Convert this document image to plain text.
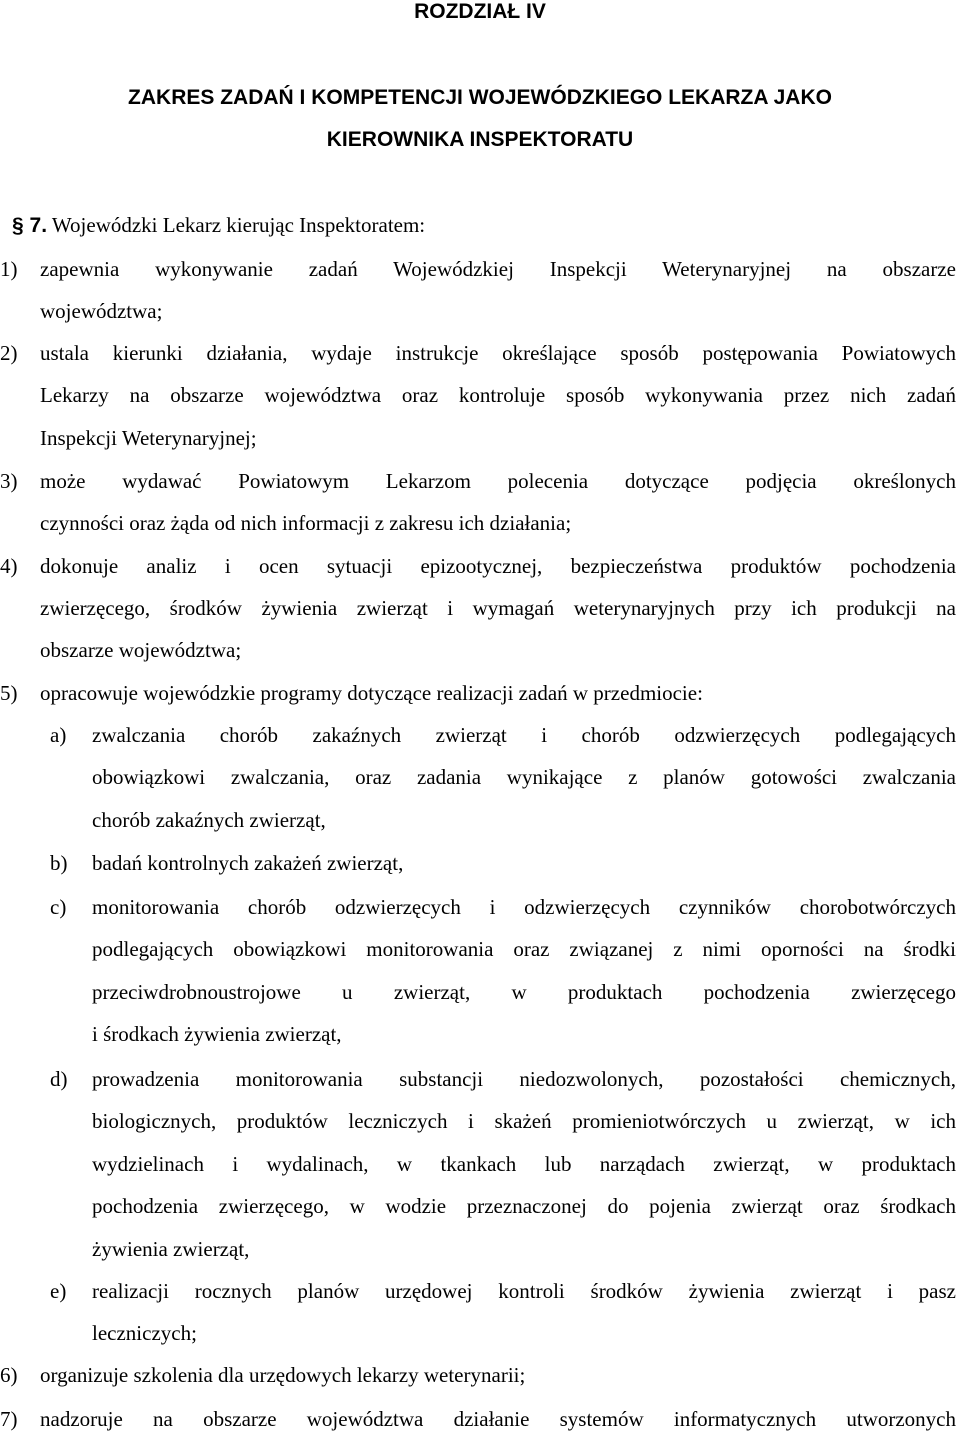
ROZDZIAŁ IV
ZAKRES ZADAŃ I KOMPETENCJI WOJEWÓDZKIEGO LEKARZA JAKO
KIEROWNIKA INSPEKTORATU
§ 7. Wojewódzki Lekarz kierując Inspektoratem:
1) zapewnia wykonywanie zadań Wojewódzkiej Inspekcji Weterynaryjnej na obszarze
województwa;
2) ustala kierunki działania, wydaje instrukcje określające sposób postępowania Powiatowych
Lekarzy na obszarze województwa oraz kontroluje sposób wykonywania przez nich zadań
Inspekcji Weterynaryjnej;
3) może wydawać Powiatowym Lekarzom polecenia dotyczące podjęcia określonych
czynności oraz żąda od nich informacji z zakresu ich działania;
4) dokonuje analiz i ocen sytuacji epizootycznej, bezpieczeństwa produktów pochodzenia
zwierzęcego, środków żywienia zwierząt i wymagań weterynaryjnych przy ich produkcji na
obszarze województwa;
5) opracowuje wojewódzkie programy dotyczące realizacji zadań w przedmiocie:
a) zwalczania chorób zakaźnych zwierząt i chorób odzwierzęcych podlegających
obowiązkowi zwalczania, oraz zadania wynikające z planów gotowości zwalczania
chorób zakaźnych zwierząt,
b) badań kontrolnych zakażeń zwierząt,
c) monitorowania chorób odzwierzęcych i odzwierzęcych czynników chorobotwórczych
podlegających obowiązkowi monitorowania oraz związanej z nimi oporności na środki
przeciwdrobnoustrojowe u zwierząt, w produktach pochodzenia zwierzęcego
i środkach żywienia zwierząt,
d) prowadzenia monitorowania substancji niedozwolonych, pozostałości chemicznych,
biologicznych, produktów leczniczych i skażeń promieniotwórczych u zwierząt, w ich
wydzielinach i wydalinach, w tkankach lub narządach zwierząt, w produktach
pochodzenia zwierzęcego, w wodzie przeznaczonej do pojenia zwierząt oraz środkach
żywienia zwierząt,
e) realizacji rocznych planów urzędowej kontroli środków żywienia zwierząt i pasz
leczniczych;
6) organizuje szkolenia dla urzędowych lekarzy weterynarii;
7) nadzoruje na obszarze województwa działanie systemów informatycznych utworzonych
